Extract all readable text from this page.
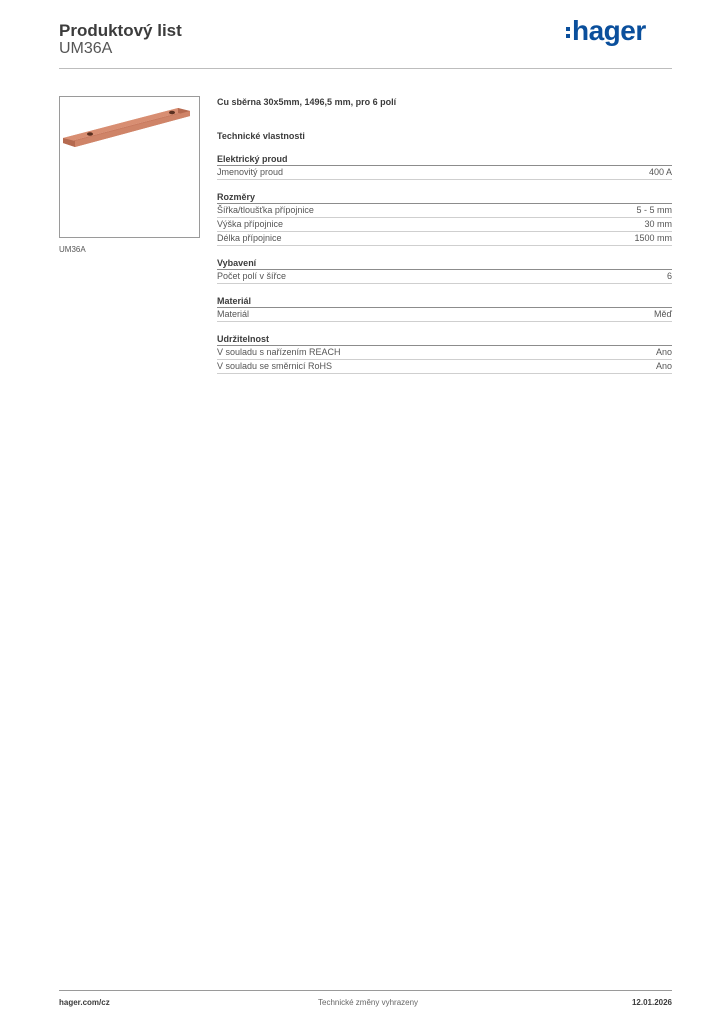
Produktový list
UM36A
hager
UM36A
Cu sběrna 30x5mm, 1496,5 mm, pro 6 polí
Technické vlastnosti
Elektrický proud
Jmenovitý proud	400 A
Rozměry
Šířka/tloušťka přípojnice	5 - 5 mm
Výška přípojnice	30 mm
Délka přípojnice	1500 mm
Vybavení
Počet polí v šířce	6
Materiál
Materiál	Měď
Udržitelnost
V souladu s nařízením REACH	Ano
V souladu se směrnicí RoHS	Ano
hager.com/cz	Technické změny vyhrazeny	12.01.2026
